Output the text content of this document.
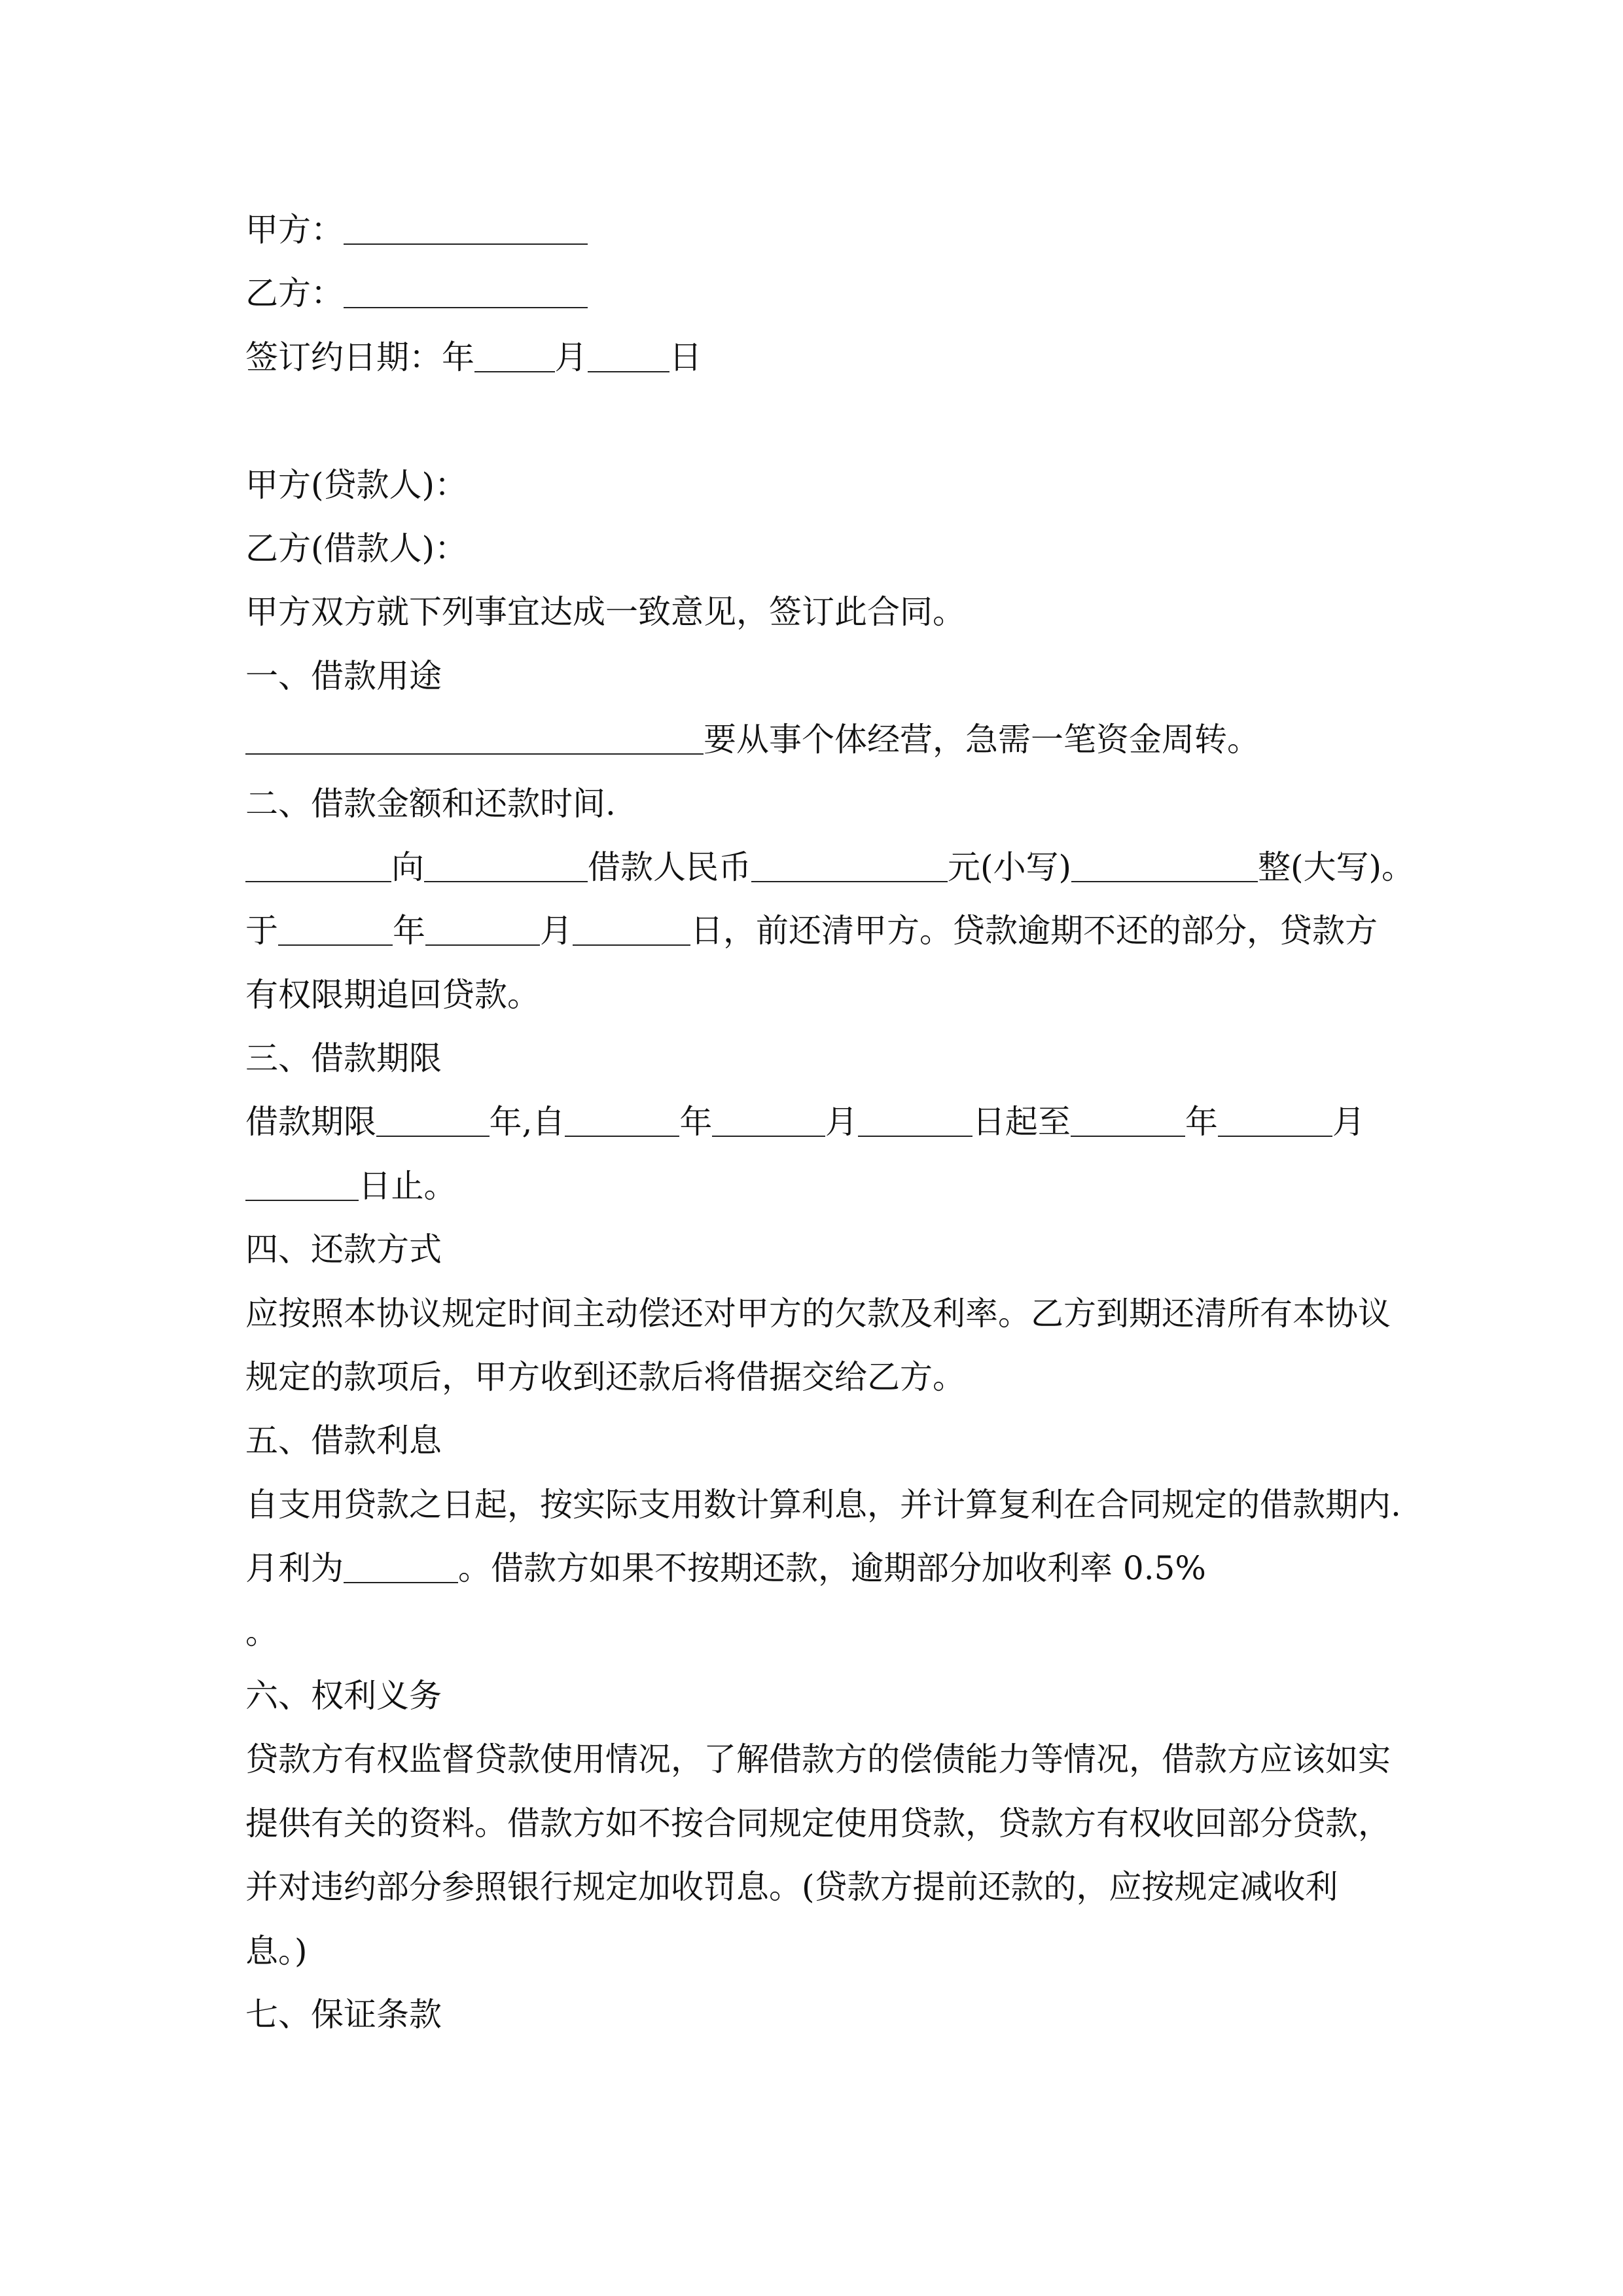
甲方：
乙方：
签订约日期：年 月	日
甲方(贷款人)：
乙方(借款人)：
甲方双方就下列事宜达成一致意见，签订此合同。
一、借款用途
要从事个体经营，急需一笔资金周转。
二、借款金额和还款时间.
向	借款人民币	元(小写)	整(大写)。
于	年	月	日，前还清甲方。贷款逾期不还的部分，贷款方
有权限期追回贷款。
三、借款期限
借款期限	年,自	年	月	日起至	年	月
日止。
四、还款方式
应按照本协议规定时间主动偿还对甲方的欠款及利率。乙方到期还清所有本协议
规定的款项后，甲方收到还款后将借据交给乙方。
五、借款利息
自支用贷款之日起，按实际支用数计算利息，并计算复利在合同规定的借款期内.
月利为	。借款方如果不按期还款，逾期部分加收利率 0.5%
。
六、权利义务
贷款方有权监督贷款使用情况，了解借款方的偿债能力等情况，借款方应该如实
提供有关的资料。借款方如不按合同规定使用贷款，贷款方有权收回部分贷款，
并对违约部分参照银行规定加收罚息。(贷款方提前还款的，应按规定减收利
息。)
七、保证条款
